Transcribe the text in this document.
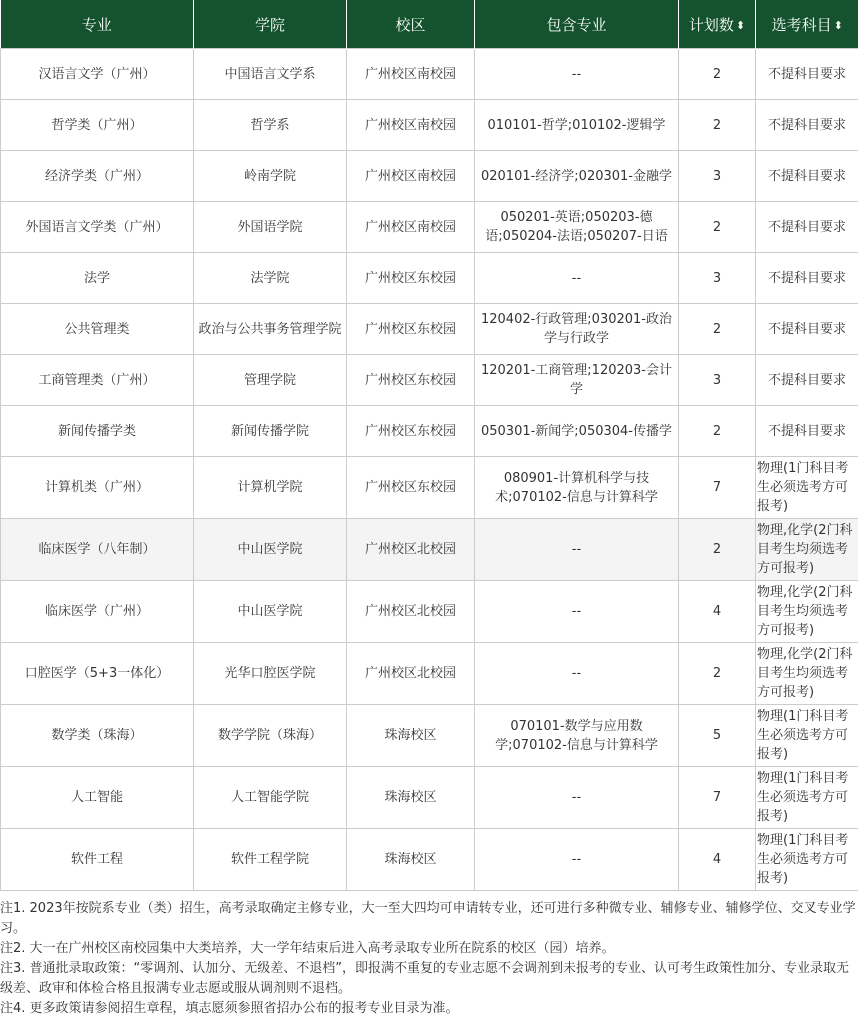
专业	学院	校区	包含专业	计划数 ⬍	选考科目 ⬍
汉语言文学（广州）	中国语言文学系	广州校区南校园	--	2	不提科目要求
哲学类（广州）	哲学系	广州校区南校园	010101-哲学;010102-逻辑学	2	不提科目要求
经济学类（广州）	岭南学院	广州校区南校园	020101-经济学;020301-金融学	3	不提科目要求
外国语言文学类（广州）	外国语学院	广州校区南校园	050201-英语;050203-德语;050204-法语;050207-日语	2	不提科目要求
法学	法学院	广州校区东校园	--	3	不提科目要求
公共管理类	政治与公共事务管理学院	广州校区东校园	120402-行政管理;030201-政治学与行政学	2	不提科目要求
工商管理类（广州）	管理学院	广州校区东校园	120201-工商管理;120203-会计学	3	不提科目要求
新闻传播学类	新闻传播学院	广州校区东校园	050301-新闻学;050304-传播学	2	不提科目要求
计算机类（广州）	计算机学院	广州校区东校园	080901-计算机科学与技术;070102-信息与计算科学	7	物理(1门科目考生必须选考方可报考)
临床医学（八年制）	中山医学院	广州校区北校园	--	2	物理,化学(2门科目考生均须选考方可报考)
临床医学（广州）	中山医学院	广州校区北校园	--	4	物理,化学(2门科目考生均须选考方可报考)
口腔医学（5+3一体化）	光华口腔医学院	广州校区北校园	--	2	物理,化学(2门科目考生均须选考方可报考)
数学类（珠海）	数学学院（珠海）	珠海校区	070101-数学与应用数学;070102-信息与计算科学	5	物理(1门科目考生必须选考方可报考)
人工智能	人工智能学院	珠海校区	--	7	物理(1门科目考生必须选考方可报考)
软件工程	软件工程学院	珠海校区	--	4	物理(1门科目考生必须选考方可报考)

注1. 2023年按院系专业（类）招生，高考录取确定主修专业，大一至大四均可申请转专业，还可进行多种微专业、辅修专业、辅修学位、交叉专业学习。

注2. 大一在广州校区南校园集中大类培养，大一学年结束后进入高考录取专业所在院系的校区（园）培养。

注3. 普通批录取政策：“零调剂、认加分、无级差、不退档”，即报满不重复的专业志愿不会调剂到未报考的专业、认可考生政策性加分、专业录取无级差、政审和体检合格且报满专业志愿或服从调剂则不退档。

注4. 更多政策请参阅招生章程，填志愿须参照省招办公布的报考专业目录为准。
